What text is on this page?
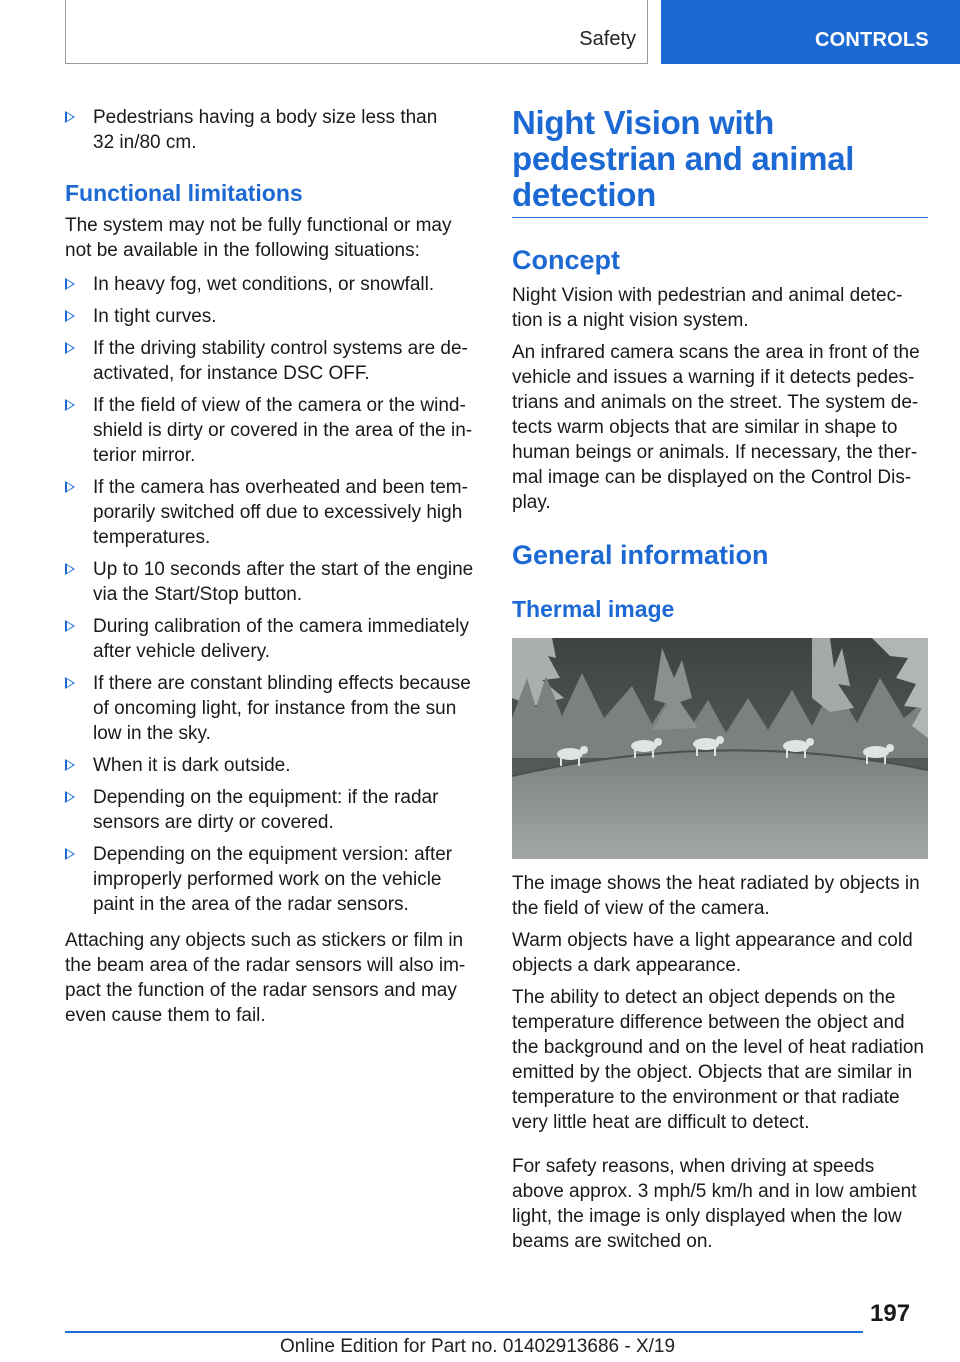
Safety	CONTROLS
Pedestrians having a body size less than
32 in/80 cm.
Functional limitations

The system may not be fully functional or may
not be available in the following situations:

In heavy fog, wet conditions, or snowfall.
In tight curves.
If the driving stability control systems are de-
activated, for instance DSC OFF.
If the field of view of the camera or the wind-
shield is dirty or covered in the area of the in-
terior mirror.
If the camera has overheated and been tem-
porarily switched off due to excessively high
temperatures.
Up to 10 seconds after the start of the engine
via the Start/Stop button.
During calibration of the camera immediately
after vehicle delivery.
If there are constant blinding effects because
of oncoming light, for instance from the sun
low in the sky.
When it is dark outside.
Depending on the equipment: if the radar
sensors are dirty or covered.
Depending on the equipment version: after
improperly performed work on the vehicle
paint in the area of the radar sensors.

Attaching any objects such as stickers or film in
the beam area of the radar sensors will also im-
pact the function of the radar sensors and may
even cause them to fail.

Night Vision with
pedestrian and animal
detection
Concept

Night Vision with pedestrian and animal detec-
tion is a night vision system.

An infrared camera scans the area in front of the
vehicle and issues a warning if it detects pedes-
trians and animals on the street. The system de-
tects warm objects that are similar in shape to
human beings or animals. If necessary, the ther-
mal image can be displayed on the Control Dis-
play.

General information
Thermal image

The image shows the heat radiated by objects in
the field of view of the camera.

Warm objects have a light appearance and cold
objects a dark appearance.

The ability to detect an object depends on the
temperature difference between the object and
the background and on the level of heat radiation
emitted by the object. Objects that are similar in
temperature to the environment or that radiate
very little heat are difficult to detect.

For safety reasons, when driving at speeds
above approx. 3 mph/5 km/h and in low ambient
light, the image is only displayed when the low
beams are switched on.

197
Online Edition for Part no. 01402913686 - X/19
